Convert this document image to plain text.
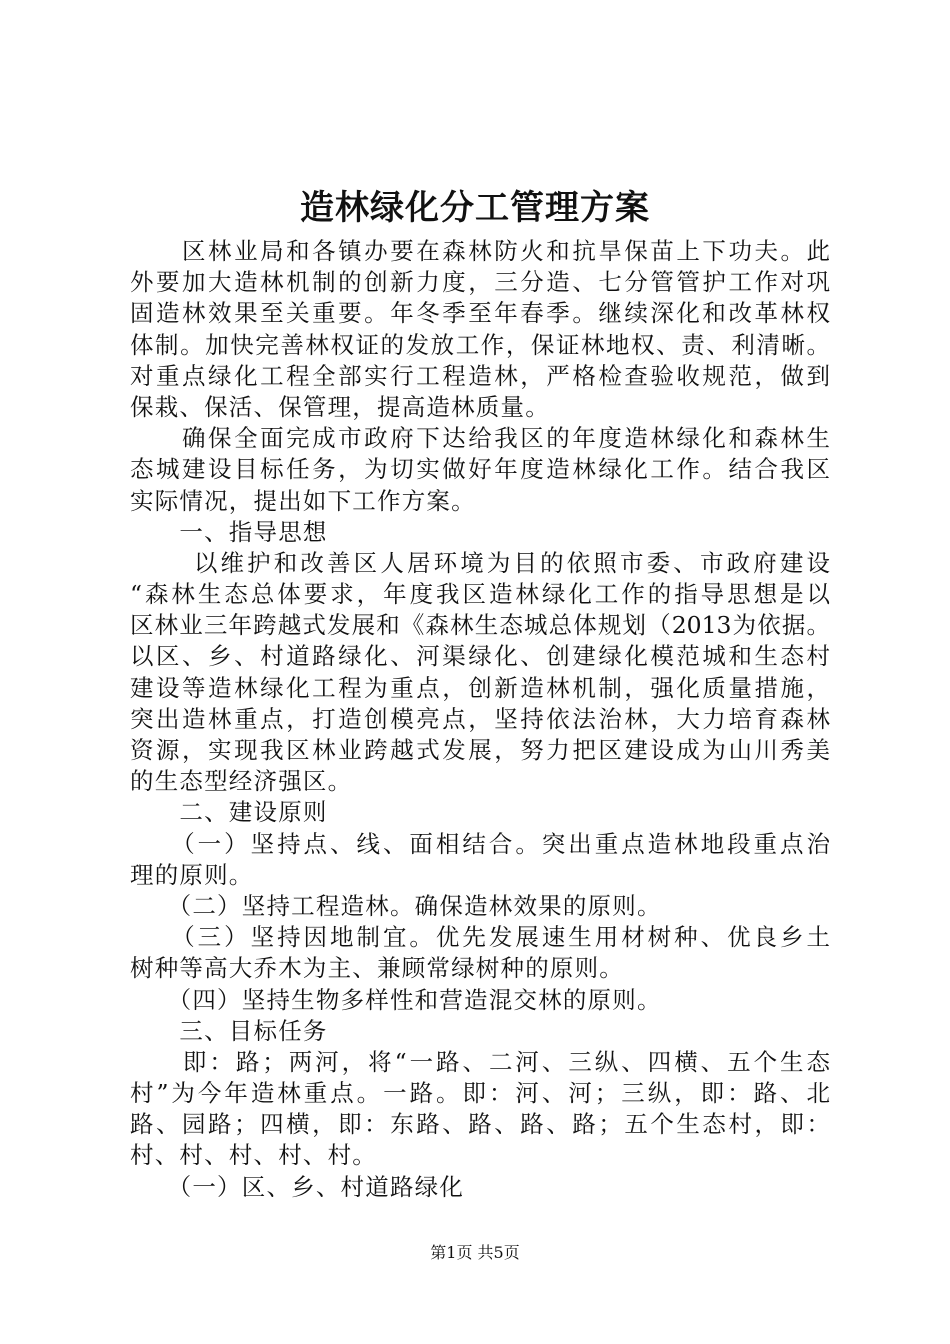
造林绿化分工管理方案
　　区林业局和各镇办要在森林防火和抗旱保苗上下功夫。此
外要加大造林机制的创新力度，三分造、七分管管护工作对巩
固造林效果至关重要。年冬季至年春季。继续深化和改革林权
体制。加快完善林权证的发放工作，保证林地权、责、利清晰。
对重点绿化工程全部实行工程造林，严格检查验收规范，做到
保栽、保活、保管理，提高造林质量。
　　确保全面完成市政府下达给我区的年度造林绿化和森林生
态城建设目标任务，为切实做好年度造林绿化工作。结合我区
实际情况，提出如下工作方案。
　　一、指导思想
　　 以维护和改善区人居环境为目的依照市委、市政府建设
“森林生态总体要求，年度我区造林绿化工作的指导思想是以
区林业三年跨越式发展和《森林生态城总体规划（2013为依据。
以区、乡、村道路绿化、河渠绿化、创建绿化模范城和生态村
建设等造林绿化工程为重点，创新造林机制，强化质量措施，
突出造林重点，打造创模亮点，坚持依法治林，大力培育森林
资源，实现我区林业跨越式发展，努力把区建设成为山川秀美
的生态型经济强区。
　　二、建设原则
　　（一）坚持点、线、面相结合。突出重点造林地段重点治
理的原则。
　　（二）坚持工程造林。确保造林效果的原则。
　　（三）坚持因地制宜。优先发展速生用材树种、优良乡土
树种等高大乔木为主、兼顾常绿树种的原则。
　　（四）坚持生物多样性和营造混交林的原则。
　　三、目标任务
　　即：路；两河，将“一路、二河、三纵、四横、五个生态
村”为今年造林重点。一路。即：河、河；三纵，即：路、北
路、园路；四横，即：东路、路、路、路；五个生态村，即：
村、村、村、村、村。
　　（一）区、乡、村道路绿化
第1页 共5页
